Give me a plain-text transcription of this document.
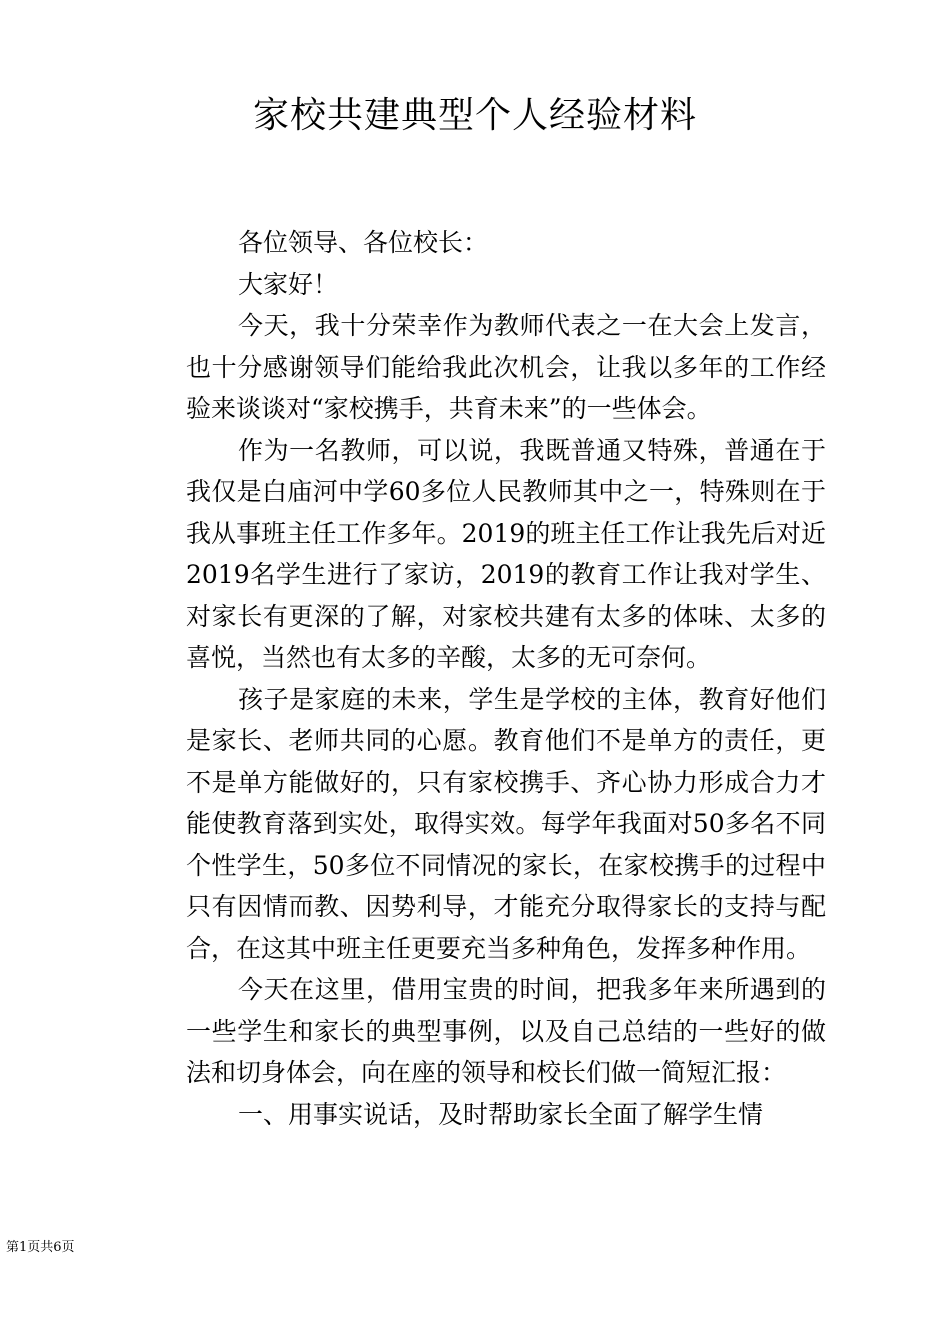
家校共建典型个人经验材料

各位领导、各位校长：

大家好！

今天，我十分荣幸作为教师代表之一在大会上发言，也十分感谢领导们能给我此次机会，让我以多年的工作经验来谈谈对“家校携手，共育未来”的一些体会。

作为一名教师，可以说，我既普通又特殊，普通在于我仅是白庙河中学60多位人民教师其中之一，特殊则在于我从事班主任工作多年。2019的班主任工作让我先后对近2019名学生进行了家访，2019的教育工作让我对学生、对家长有更深的了解，对家校共建有太多的体味、太多的喜悦，当然也有太多的辛酸，太多的无可奈何。

孩子是家庭的未来，学生是学校的主体，教育好他们是家长、老师共同的心愿。教育他们不是单方的责任，更不是单方能做好的，只有家校携手、齐心协力形成合力才能使教育落到实处，取得实效。每学年我面对50多名不同个性学生，50多位不同情况的家长，在家校携手的过程中只有因情而教、因势利导，才能充分取得家长的支持与配合，在这其中班主任更要充当多种角色，发挥多种作用。

今天在这里，借用宝贵的时间，把我多年来所遇到的一些学生和家长的典型事例，以及自己总结的一些好的做法和切身体会，向在座的领导和校长们做一简短汇报：

一、用事实说话，及时帮助家长全面了解学生情

第1页共6页
